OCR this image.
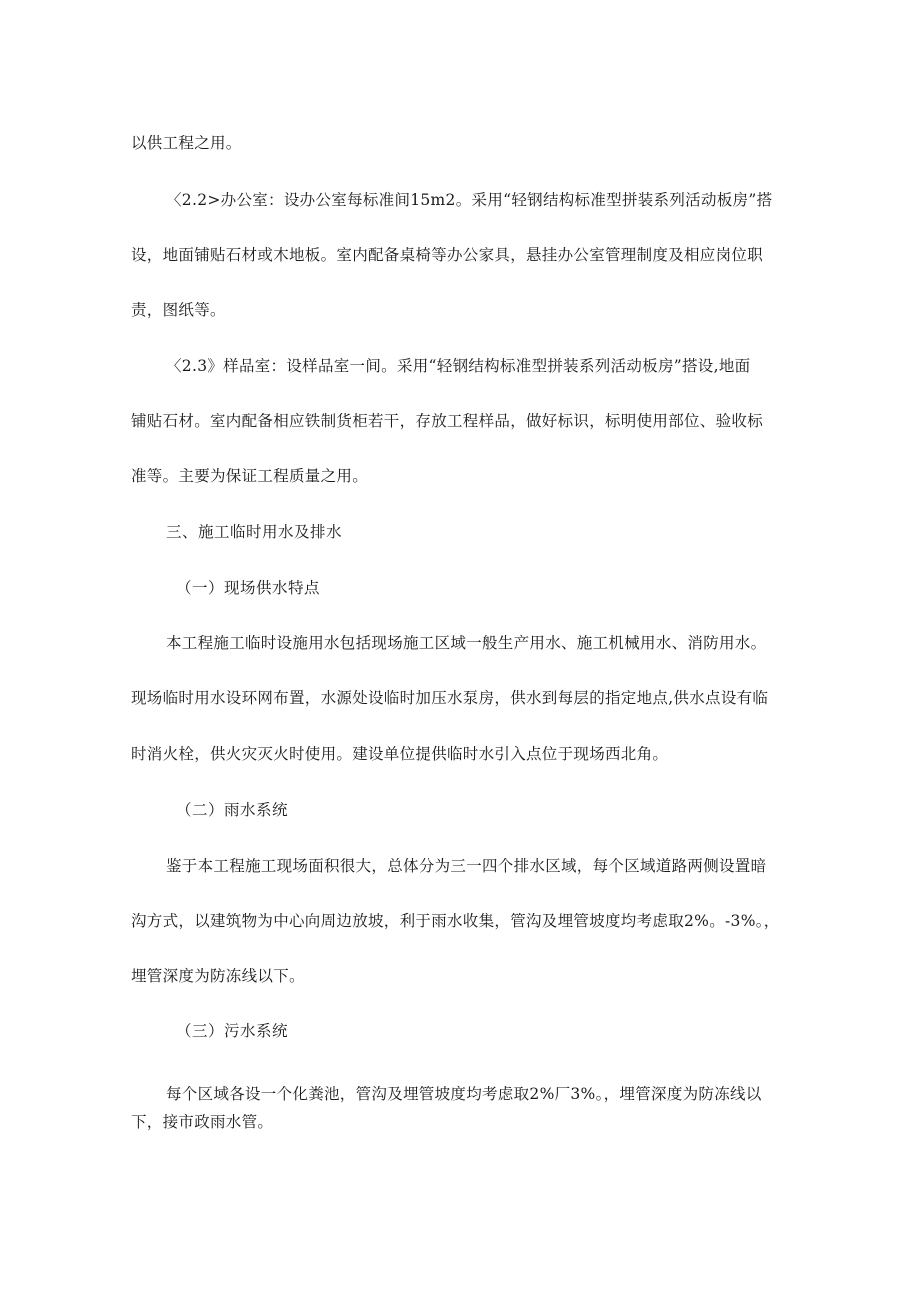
以供工程之用。
〈2.2>办公室：设办公室每标准间15m2。采用“轻钢结构标准型拼装系列活动板房”搭
设，地面铺贴石材或木地板。室内配备桌椅等办公家具，悬挂办公室管理制度及相应岗位职
责，图纸等。
〈2.3》样品室：设样品室一间。采用“轻钢结构标准型拼装系列活动板房”搭设,地面
铺贴石材。室内配备相应铁制货柜若干，存放工程样品，做好标识，标明使用部位、验收标
准等。主要为保证工程质量之用。
三、施工临时用水及排水
（一）现场供水特点
本工程施工临时设施用水包括现场施工区域一般生产用水、施工机械用水、消防用水。
现场临时用水设环网布置，水源处设临时加压水泵房，供水到每层的指定地点,供水点设有临
时消火栓，供火灾灭火时使用。建设单位提供临时水引入点位于现场西北角。
（二）雨水系统
鉴于本工程施工现场面积很大，总体分为三一四个排水区域，每个区域道路两侧设置暗
沟方式，以建筑物为中心向周边放坡，利于雨水收集，管沟及埋管坡度均考虑取2%。-3%。，
埋管深度为防冻线以下。
（三）污水系统
每个区域各设一个化粪池，管沟及埋管坡度均考虑取2%厂3%。，埋管深度为防冻线以
下，接市政雨水管。
